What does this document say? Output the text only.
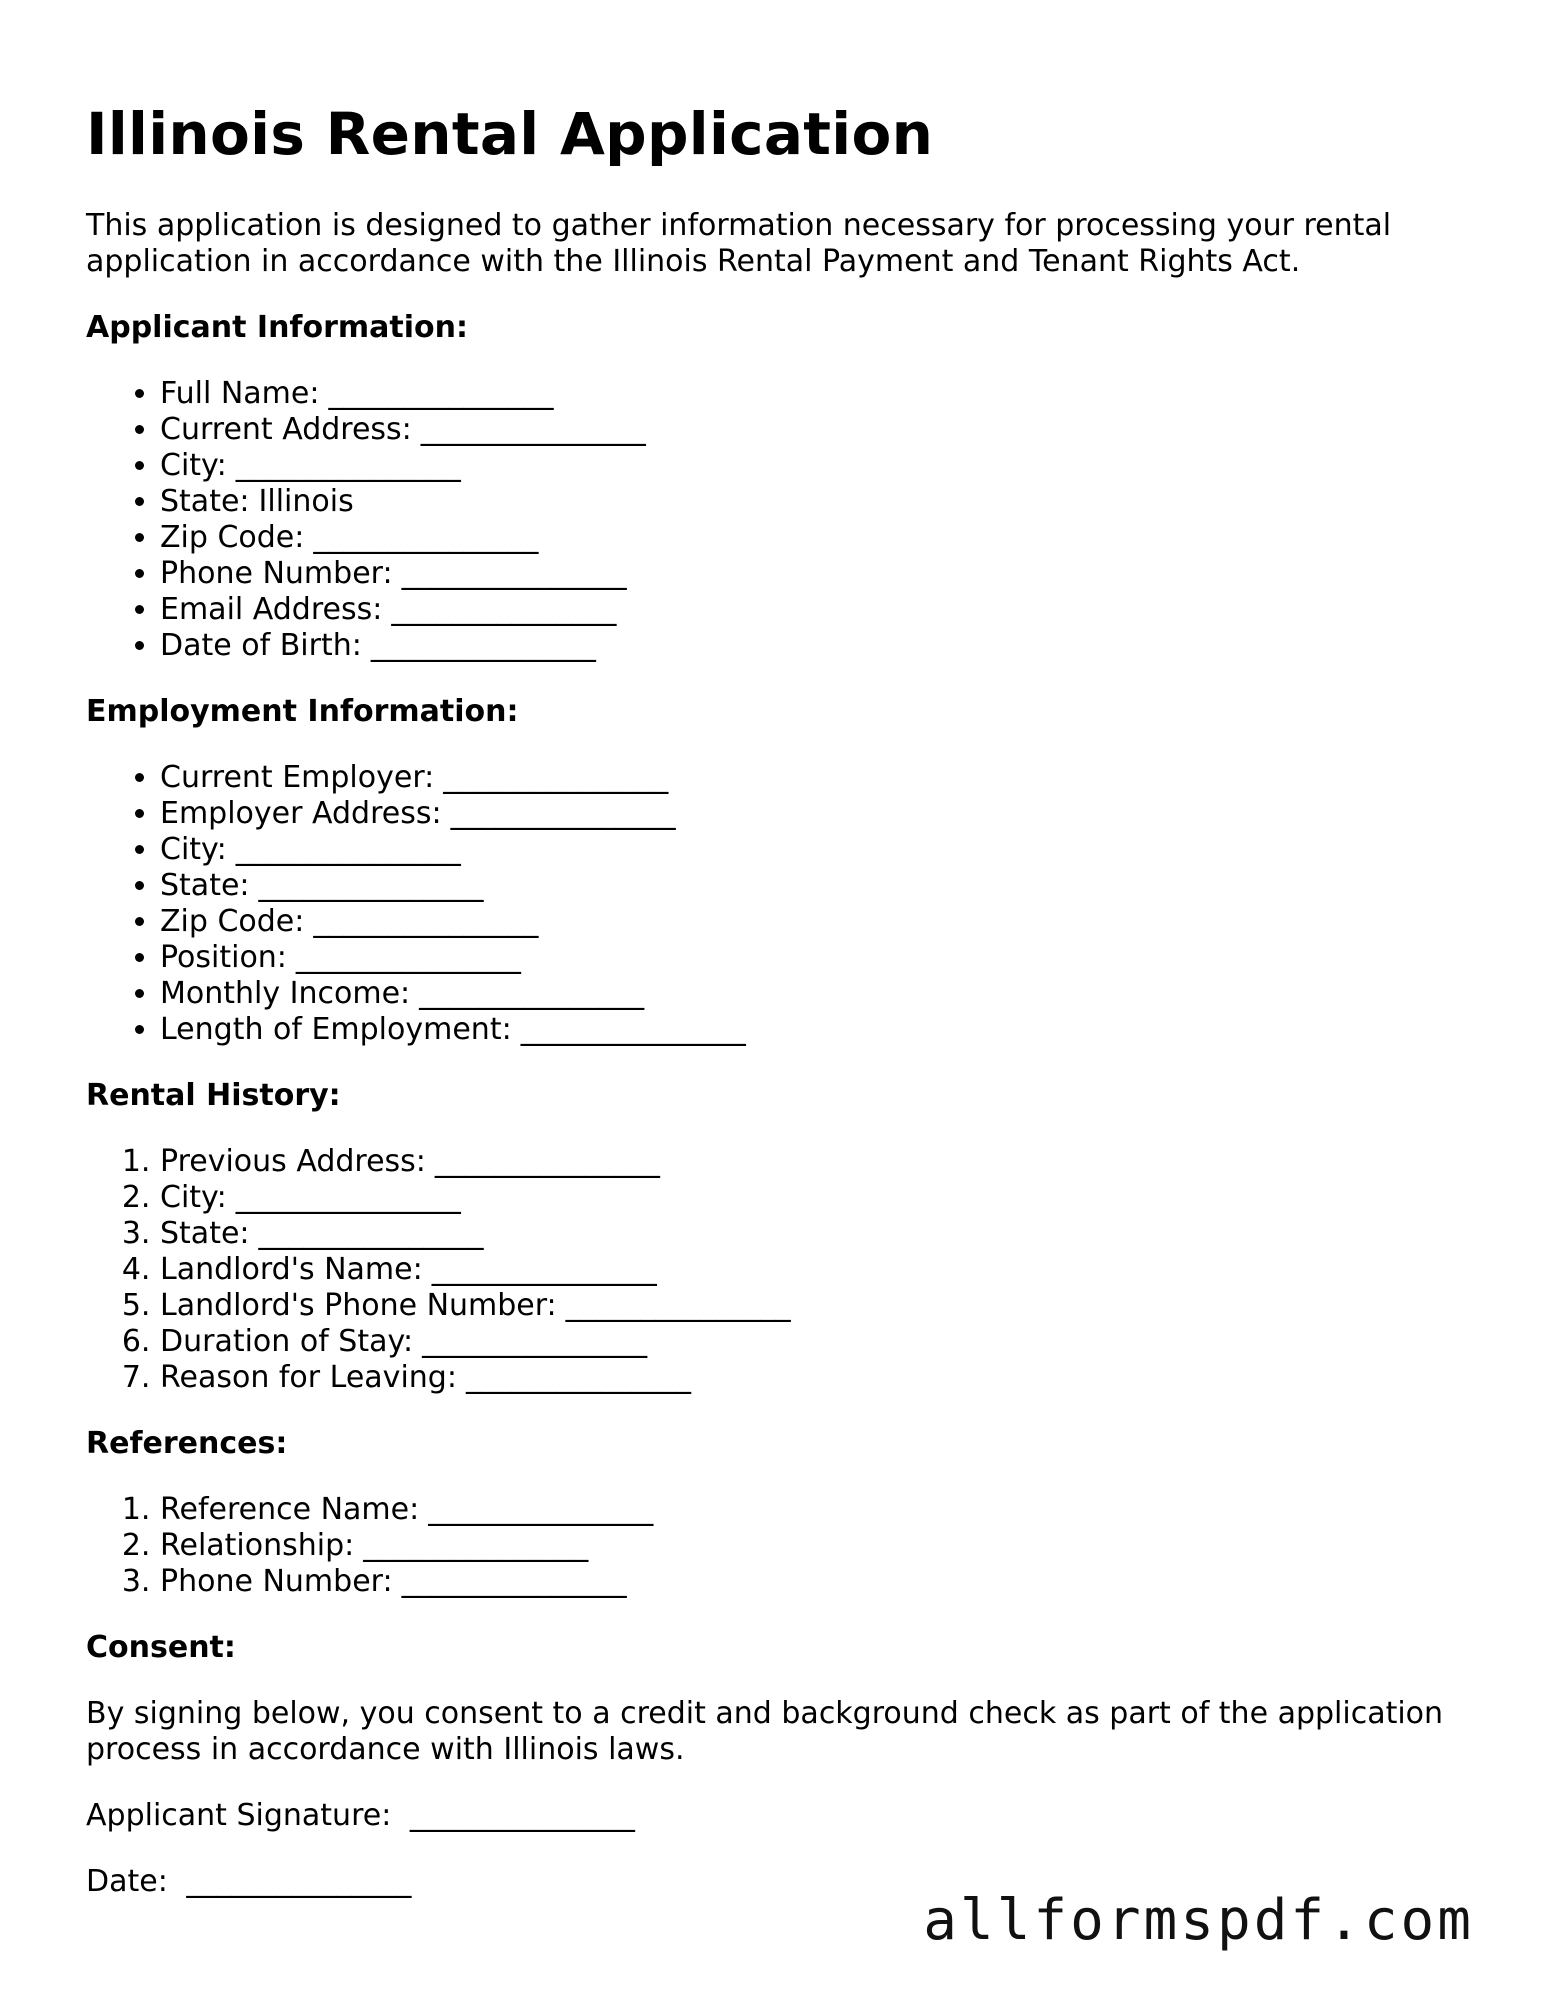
Illinois Rental Application

This application is designed to gather information necessary for processing your rental application in accordance with the Illinois Rental Payment and Tenant Rights Act.

Applicant Information:
• Full Name: _______________
• Current Address: _______________
• City: _______________
• State: Illinois
• Zip Code: _______________
• Phone Number: _______________
• Email Address: _______________
• Date of Birth: _______________
Employment Information:
• Current Employer: _______________
• Employer Address: _______________
• City: _______________
• State: _______________
• Zip Code: _______________
• Position: _______________
• Monthly Income: _______________
• Length of Employment: _______________
Rental History:
1. Previous Address: _______________
2. City: _______________
3. State: _______________
4. Landlord's Name: _______________
5. Landlord's Phone Number: _______________
6. Duration of Stay: _______________
7. Reason for Leaving: _______________
References:
1. Reference Name: _______________
2. Relationship: _______________
3. Phone Number: _______________
Consent:

By signing below, you consent to a credit and background check as part of the application process in accordance with Illinois laws.

Applicant Signature: _______________
Date: _______________
allformspdf.com
